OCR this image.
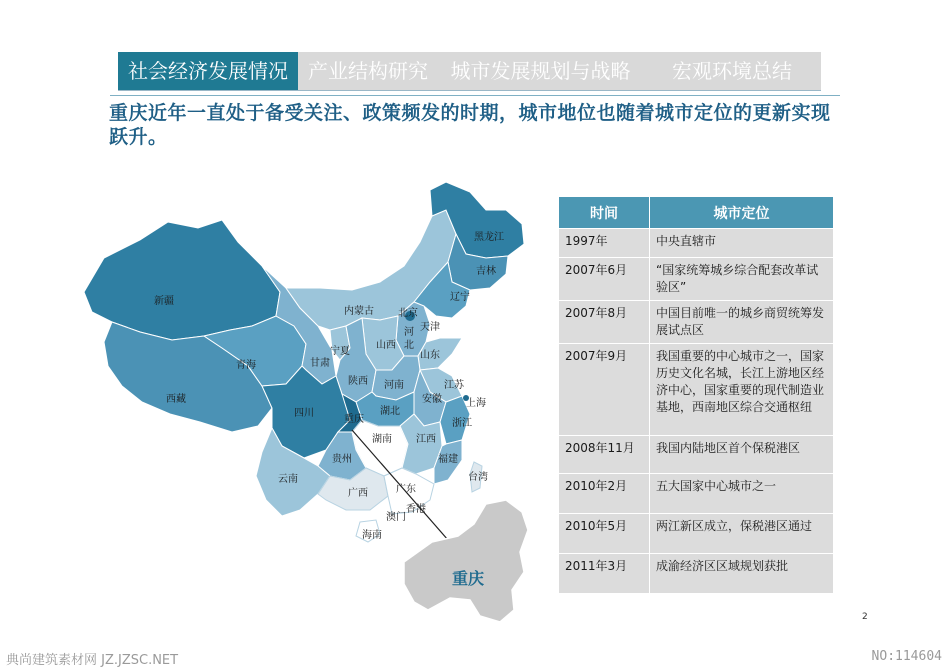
社会经济发展情况	产业结构研究	城市发展规划与战略	宏观环境总结
重庆近年一直处于备受关注、政策频发的时期，城市地位也随着城市定位的更新实现跃升。
重庆
黑龙江
吉林
辽宁
内蒙古 北京
天津
河
北
山西
山东
新疆
青海	甘肃
宁夏
陕西 河南	江苏
安徽 上海
西藏
四川
重庆
湖北
浙江
湖南 江西
贵州	福建
台湾
云南
广西	广东
香港
澳门
海南
时间	城市定位
1997年	中央直辖市
2007年6月	“国家统筹城乡综合配套改革试验区”
2007年8月	中国目前唯一的城乡商贸统筹发展试点区
2007年9月	我国重要的中心城市之一，国家历史文化名城，长江上游地区经济中心，国家重要的现代制造业基地，西南地区综合交通枢纽
2008年11月	我国内陆地区首个保税港区
2010年2月	五大国家中心城市之一
2010年5月	两江新区成立，保税港区通过
2011年3月	成渝经济区区域规划获批
2
典尚建筑素材网 JZ.JZSC.NET	NO:114604
